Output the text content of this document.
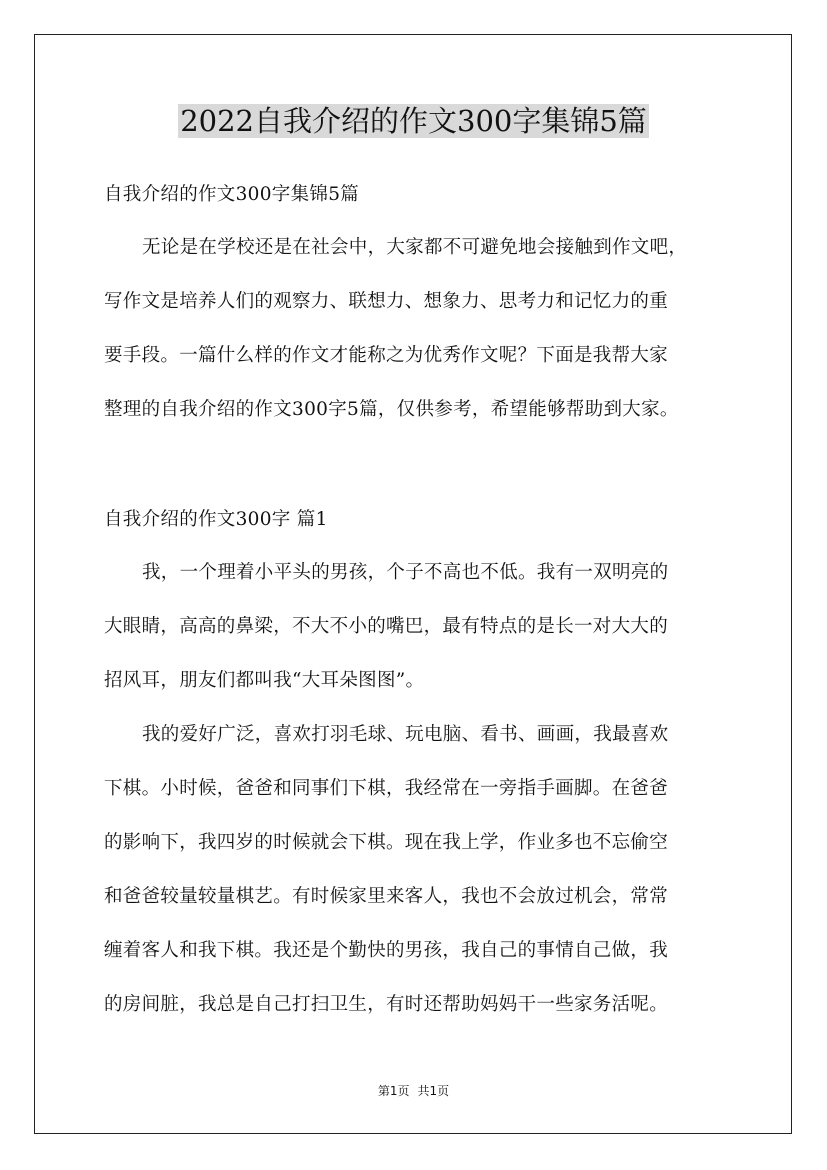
2022自我介绍的作文300字集锦5篇
自我介绍的作文300字集锦5篇
无论是在学校还是在社会中，大家都不可避免地会接触到作文吧，
写作文是培养人们的观察力、联想力、想象力、思考力和记忆力的重
要手段。一篇什么样的作文才能称之为优秀作文呢？下面是我帮大家
整理的自我介绍的作文300字5篇，仅供参考，希望能够帮助到大家。
自我介绍的作文300字 篇1
我，一个理着小平头的男孩，个子不高也不低。我有一双明亮的
大眼睛，高高的鼻梁，不大不小的嘴巴，最有特点的是长一对大大的
招风耳，朋友们都叫我“大耳朵图图”。
我的爱好广泛，喜欢打羽毛球、玩电脑、看书、画画，我最喜欢
下棋。小时候，爸爸和同事们下棋，我经常在一旁指手画脚。在爸爸
的影响下，我四岁的时候就会下棋。现在我上学，作业多也不忘偷空
和爸爸较量较量棋艺。有时候家里来客人，我也不会放过机会，常常
缠着客人和我下棋。我还是个勤快的男孩，我自己的事情自己做，我
的房间脏，我总是自己打扫卫生，有时还帮助妈妈干一些家务活呢。
第1页 共1页
